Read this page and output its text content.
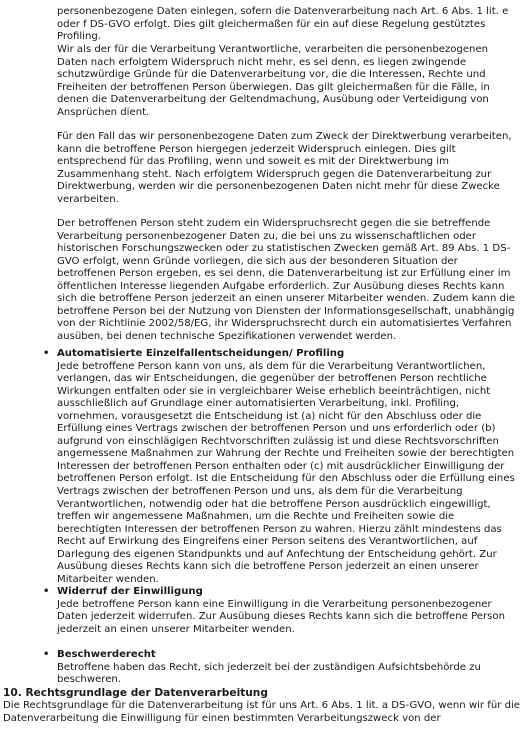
personenbezogene Daten einlegen, sofern die Datenverarbeitung nach Art. 6 Abs. 1 lit. e oder f DS-GVO erfolgt. Dies gilt gleichermaßen für ein auf diese Regelung gestütztes Profiling.

Wir als der für die Verarbeitung Verantwortliche, verarbeiten die personenbezogenen Daten nach erfolgtem Widerspruch nicht mehr, es sei denn, es liegen zwingende schutzwürdige Gründe für die Datenverarbeitung vor, die die Interessen, Rechte und Freiheiten der betroffenen Person überwiegen. Das gilt gleichermaßen für die Fälle, in denen die Datenverarbeitung der Geltendmachung, Ausübung oder Verteidigung von Ansprüchen dient.

Für den Fall das wir personenbezogene Daten zum Zweck der Direktwerbung verarbeiten, kann die betroffene Person hiergegen jederzeit Widerspruch einlegen. Dies gilt entsprechend für das Profiling, wenn und soweit es mit der Direktwerbung im Zusammenhang steht. Nach erfolgtem Widerspruch gegen die Datenverarbeitung zur Direktwerbung, werden wir die personenbezogenen Daten nicht mehr für diese Zwecke verarbeiten.

Der betroffenen Person steht zudem ein Widerspruchsrecht gegen die sie betreffende Verarbeitung personenbezogener Daten zu, die bei uns zu wissenschaftlichen oder historischen Forschungszwecken oder zu statistischen Zwecken gemäß Art. 89 Abs. 1 DS-GVO erfolgt, wenn Gründe vorliegen, die sich aus der besonderen Situation der betroffenen Person ergeben, es sei denn, die Datenverarbeitung ist zur Erfüllung einer im öffentlichen Interesse liegenden Aufgabe erforderlich. Zur Ausübung dieses Rechts kann sich die betroffene Person jederzeit an einen unserer Mitarbeiter wenden. Zudem kann die betroffene Person bei der Nutzung von Diensten der Informationsgesellschaft, unabhängig von der Richtlinie 2002/58/EG, ihr Widerspruchsrecht durch ein automatisiertes Verfahren ausüben, bei denen technische Spezifikationen verwendet werden.

• Automatisierte Einzelfallentscheidungen/ Profiling

Jede betroffene Person kann von uns, als dem für die Verarbeitung Verantwortlichen, verlangen, das wir Entscheidungen, die gegenüber der betroffenen Person rechtliche Wirkungen entfalten oder sie in vergleichbarer Weise erheblich beeinträchtigen, nicht ausschließlich auf Grundlage einer automatisierten Verarbeitung, inkl. Profiling, vornehmen, vorausgesetzt die Entscheidung ist (a) nicht für den Abschluss oder die Erfüllung eines Vertrags zwischen der betroffenen Person und uns erforderlich oder (b) aufgrund von einschlägigen Rechtvorschriften zulässig ist und diese Rechtsvorschriften angemessene Maßnahmen zur Wahrung der Rechte und Freiheiten sowie der berechtigten Interessen der betroffenen Person enthalten oder (c) mit ausdrücklicher Einwilligung der betroffenen Person erfolgt. Ist die Entscheidung für den Abschluss oder die Erfüllung eines Vertrags zwischen der betroffenen Person und uns, als dem für die Verarbeitung Verantwortlichen, notwendig oder hat die betroffene Person ausdrücklich eingewilligt, treffen wir angemessene Maßnahmen, um die Rechte und Freiheiten sowie die berechtigten Interessen der betroffenen Person zu wahren. Hierzu zählt mindestens das Recht auf Erwirkung des Eingreifens einer Person seitens des Verantwortlichen, auf Darlegung des eigenen Standpunkts und auf Anfechtung der Entscheidung gehört. Zur Ausübung dieses Rechts kann sich die betroffene Person jederzeit an einen unserer Mitarbeiter wenden.

• Widerruf der Einwilligung

Jede betroffene Person kann eine Einwilligung in die Verarbeitung personenbezogener Daten jederzeit widerrufen. Zur Ausübung dieses Rechts kann sich die betroffene Person jederzeit an einen unserer Mitarbeiter wenden.

• Beschwerderecht

Betroffene haben das Recht, sich jederzeit bei der zuständigen Aufsichtsbehörde zu beschweren.

10. Rechtsgrundlage der Datenverarbeitung

Die Rechtsgrundlage für die Datenverarbeitung ist für uns Art. 6 Abs. 1 lit. a DS-GVO, wenn wir für die Datenverarbeitung die Einwilligung für einen bestimmten Verarbeitungszweck von der
